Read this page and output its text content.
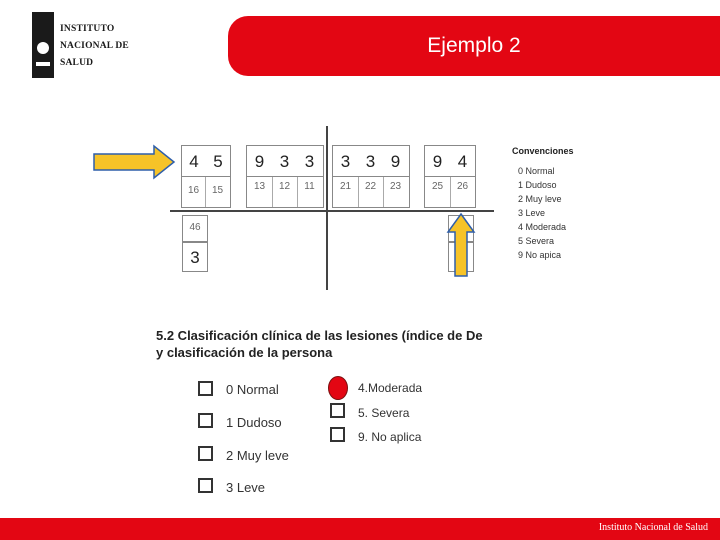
INSTITUTO
NACIONAL DE
SALUD
Ejemplo 2
4 5
16	15
9 3 3
13	12	11
3 3 9
21	22	23
9 4
25	26
46
3
Convenciones
0 Normal
1 Dudoso
2 Muy leve
3 Leve
4 Moderada
5 Severa
9 No apica
5.2 Clasificación clínica de las lesiones (índice de De
y clasificación de la persona
0 Normal
1 Dudoso
2 Muy leve
3 Leve
4.Moderada
5. Severa
9. No aplica
Instituto Nacional de Salud
